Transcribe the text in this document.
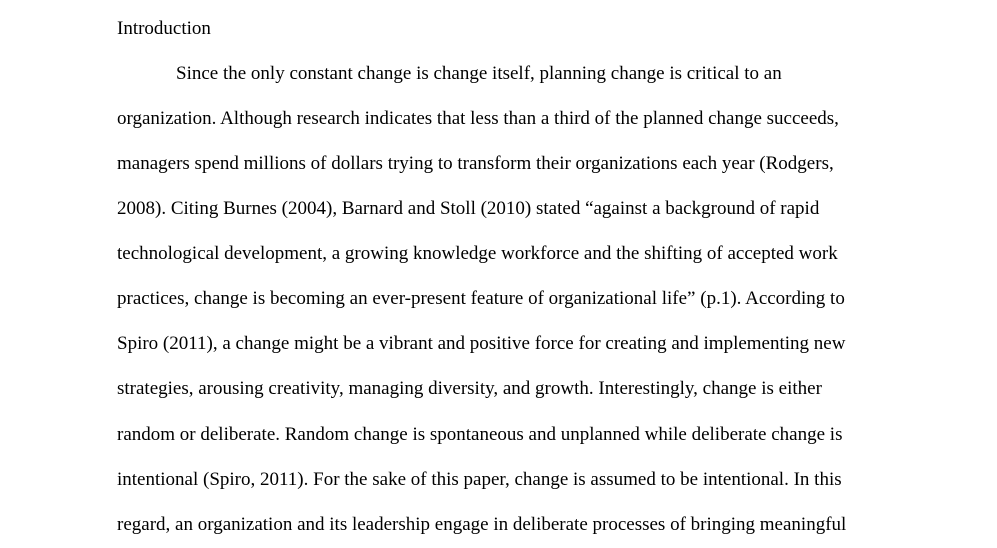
Introduction
Since the only constant change is change itself, planning change is critical to an
organization. Although research indicates that less than a third of the planned change succeeds,
managers spend millions of dollars trying to transform their organizations each year (Rodgers,
2008). Citing Burnes (2004), Barnard and Stoll (2010) stated “against a background of rapid
technological development, a growing knowledge workforce and the shifting of accepted work
practices, change is becoming an ever-present feature of organizational life” (p.1). According to
Spiro (2011), a change might be a vibrant and positive force for creating and implementing new
strategies, arousing creativity, managing diversity, and growth. Interestingly, change is either
random or deliberate. Random change is spontaneous and unplanned while deliberate change is
intentional (Spiro, 2011). For the sake of this paper, change is assumed to be intentional. In this
regard, an organization and its leadership engage in deliberate processes of bringing meaningful
